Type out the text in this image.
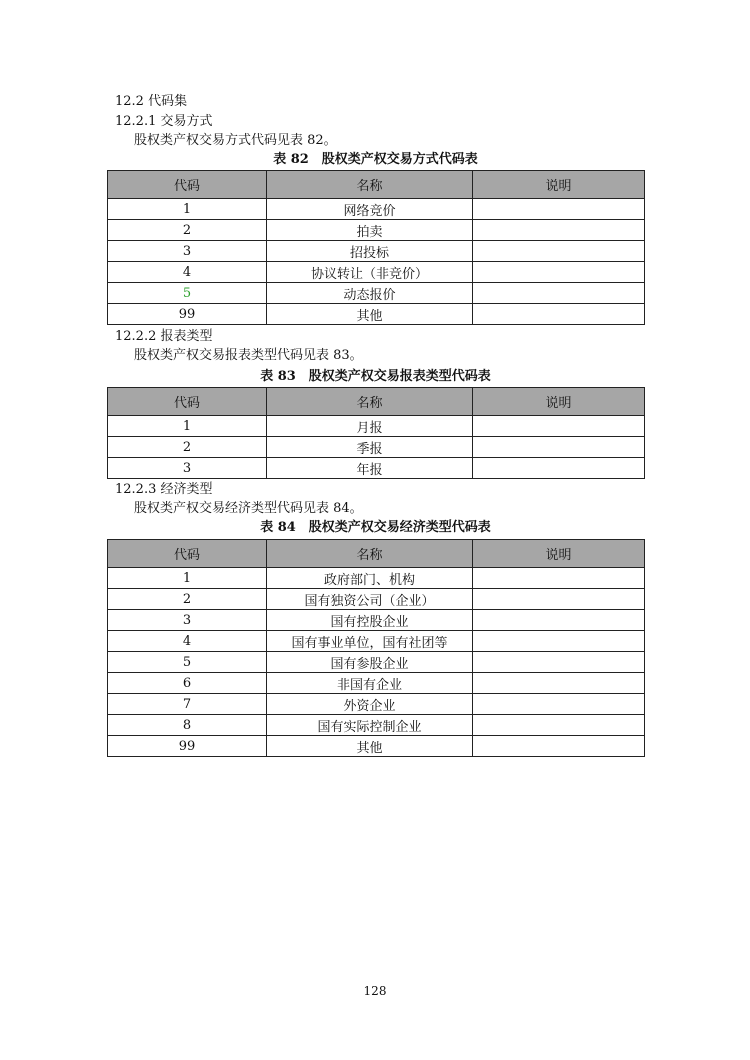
12.2 代码集
12.2.1 交易方式
股权类产权交易方式代码见表 82。
表 82　股权类产权交易方式代码表
代码	名称	说明
1	网络竞价	
2	拍卖	
3	招投标	
4	协议转让（非竞价）	
5	动态报价	
99	其他	
12.2.2 报表类型
股权类产权交易报表类型代码见表 83。
表 83　股权类产权交易报表类型代码表
代码	名称	说明
1	月报	
2	季报	
3	年报	
12.2.3 经济类型
股权类产权交易经济类型代码见表 84。
表 84　股权类产权交易经济类型代码表
代码	名称	说明
1	政府部门、机构	
2	国有独资公司（企业）	
3	国有控股企业	
4	国有事业单位，国有社团等	
5	国有参股企业	
6	非国有企业	
7	外资企业	
8	国有实际控制企业	
99	其他	
128
